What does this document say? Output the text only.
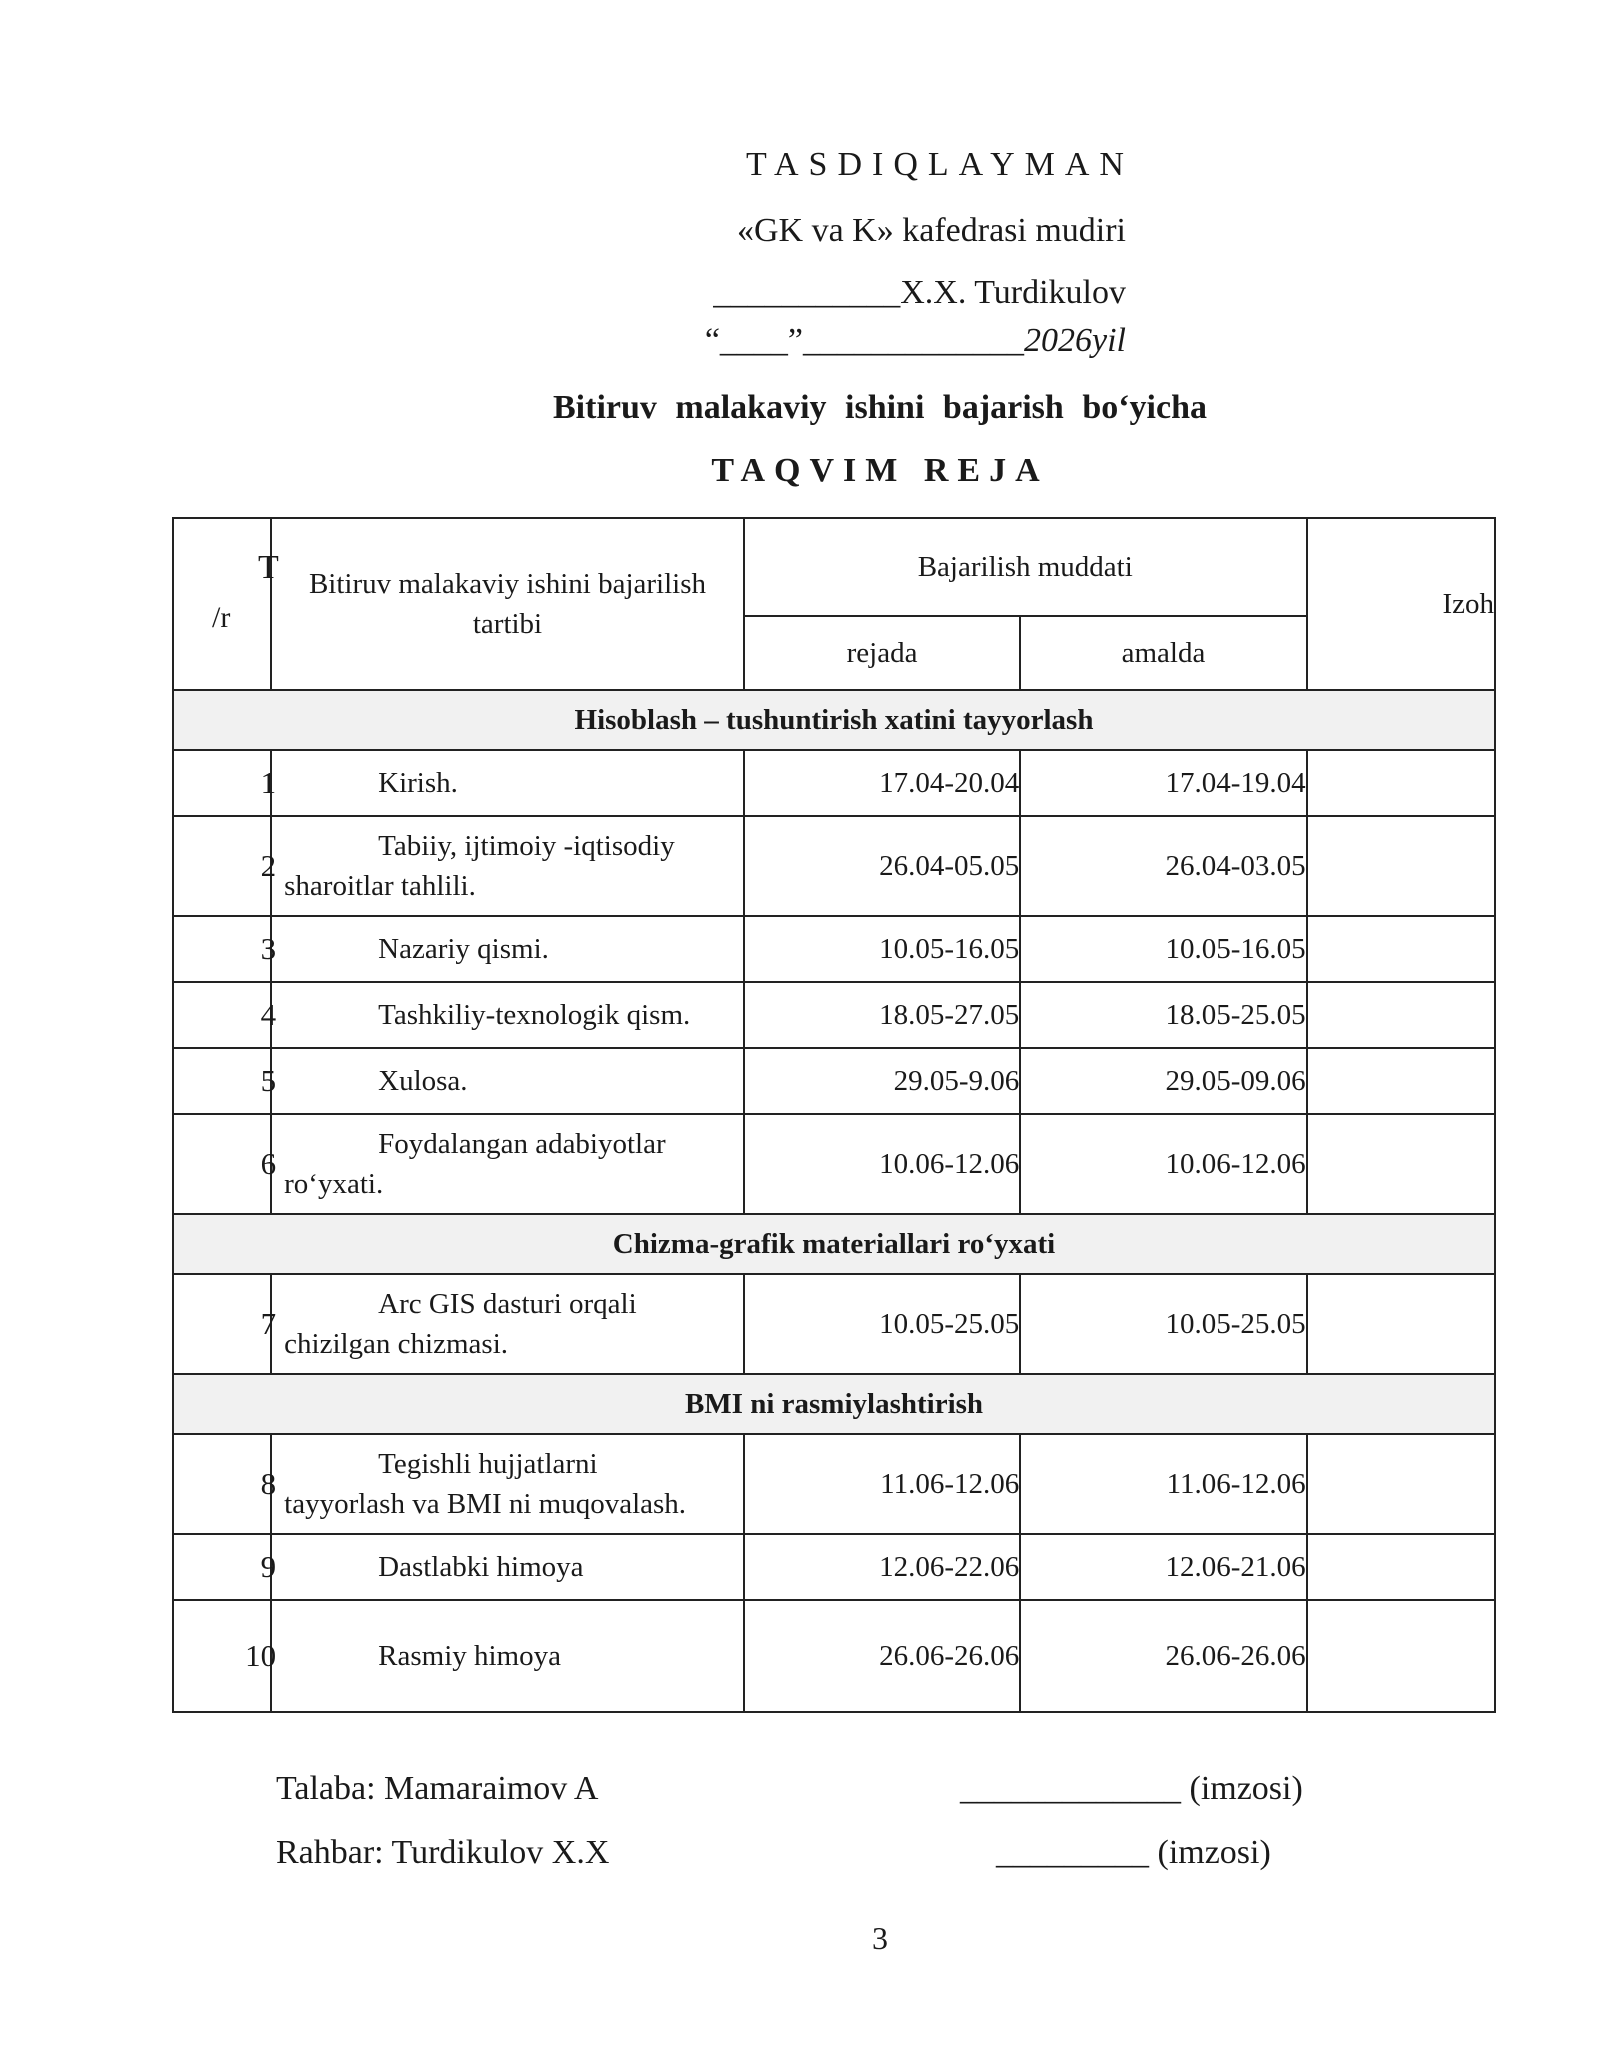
TASDIQLAYMAN
«GK va K» kafedrasi mudiri
___________X.X. Turdikulov
“____”_____________2026yil
Bitiruv malakaviy ishini bajarish bo‘yicha
TAQVIM REJA
T
/r	Bitiruv malakaviy ishini bajarilish tartibi	Bajarilish muddati		Izoh
		rejada	amalda	
Hisoblash – tushuntirish xatini tayyorlash				

1	Kirish.	17.04-20.04	17.04-19.04	

2	Tabiiy, ijtimoiy -iqtisodiy
sharoitlar tahlili.	26.04-05.05	26.04-03.05	

3	Nazariy qismi.	10.05-16.05	10.05-16.05	

4	Tashkiliy-texnologik qism.	18.05-27.05	18.05-25.05	

5	Xulosa.	29.05-9.06	29.05-09.06	

6	Foydalangan adabiyotlar
ro‘yxati.	10.06-12.06	10.06-12.06	
Chizma-grafik materiallari ro‘yxati				

7	Arc GIS dasturi orqali
chizilgan chizmasi.	10.05-25.05	10.05-25.05	
BMI ni rasmiylashtirish				

8	Tegishli hujjatlarni
tayyorlash va BMI ni muqovalash.	11.06-12.06	11.06-12.06	

9	Dastlabki himoya	12.06-22.06	12.06-21.06	

10	Rasmiy himoya	26.06-26.06	26.06-26.06	
Talaba: Mamaraimov A	_____________ (imzosi)
Rahbar: Turdikulov X.X	_________ (imzosi)
3
